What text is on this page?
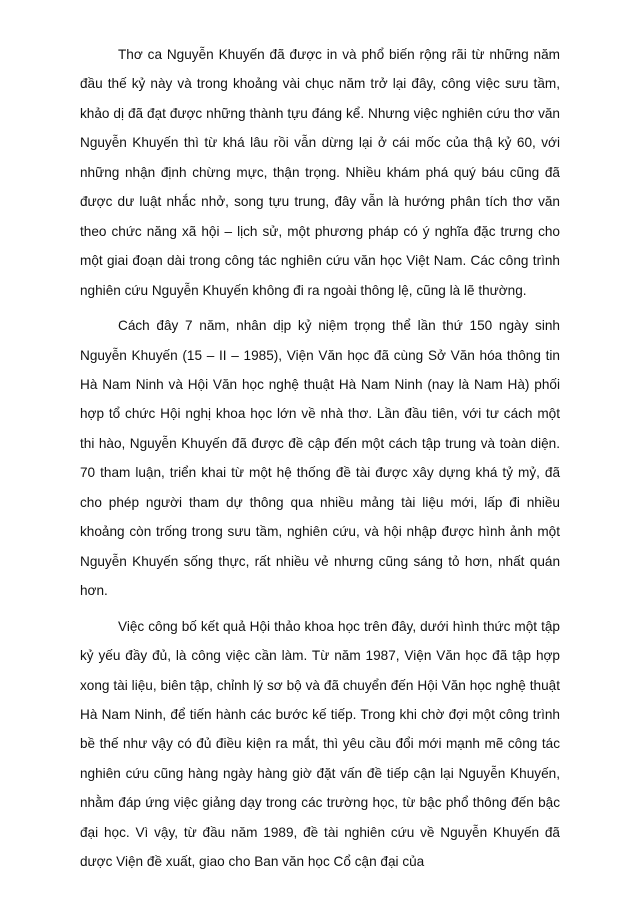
Thơ ca Nguyễn Khuyến đã được in và phổ biến rộng rãi từ những năm đầu thế kỷ này và trong khoảng vài chục năm trở lại đây, công việc sưu tầm, khảo dị đã đạt được những thành tựu đáng kể. Nhưng việc nghiên cứu thơ văn Nguyễn Khuyến thì từ khá lâu rồi vẫn dừng lại ở cái mốc của thậ kỷ 60, với những nhận định chừng mực, thận trọng. Nhiều khám phá quý báu cũng đã được dư luật nhắc nhở, song tựu trung, đây vẫn là hướng phân tích thơ văn theo chức năng xã hội – lịch sử, một phương pháp có ý nghĩa đặc trưng cho một giai đoạn dài trong công tác nghiên cứu văn học Việt Nam. Các công trình nghiên cứu Nguyễn Khuyến không đi ra ngoài thông lệ, cũng là lẽ thường.

Cách đây 7 năm, nhân dịp kỷ niệm trọng thể lần thứ 150 ngày sinh Nguyễn Khuyến (15 – II – 1985), Viện Văn học đã cùng Sở Văn hóa thông tin Hà Nam Ninh và Hội Văn học nghệ thuật Hà Nam Ninh (nay là Nam Hà) phối hợp tổ chức Hội nghị khoa học lớn về nhà thơ. Lần đầu tiên, với tư cách một thi hào, Nguyễn Khuyến đã được đề cập đến một cách tập trung và toàn diện. 70 tham luận, triển khai từ một hệ thống đề tài được xây dựng khá tỷ mỷ, đã cho phép người tham dự thông qua nhiều mảng tài liệu mới, lấp đi nhiều khoảng còn trống trong sưu tầm, nghiên cứu, và hội nhập được hình ảnh một Nguyễn Khuyến sống thực, rất nhiều vẻ nhưng cũng sáng tỏ hơn, nhất quán hơn.

Việc công bố kết quả Hội thảo khoa học trên đây, dưới hình thức một tập kỷ yếu đầy đủ, là công việc cần làm. Từ năm 1987, Viện Văn học đã tập hợp xong tài liệu, biên tập, chỉnh lý sơ bộ và đã chuyển đến Hội Văn học nghệ thuật Hà Nam Ninh, để tiến hành các bước kế tiếp. Trong khi chờ đợi một công trình bề thế như vậy có đủ điều kiện ra mắt, thì yêu cầu đổi mới mạnh mẽ công tác nghiên cứu cũng hàng ngày hàng giờ đặt vấn đề tiếp cận lại Nguyễn Khuyến, nhằm đáp ứng việc giảng dạy trong các trường học, từ bậc phổ thông đến bậc đại học. Vì vậy, từ đầu năm 1989, đề tài nghiên cứu về Nguyễn Khuyến đã dược Viện đề xuất, giao cho Ban văn học Cổ cận đại của
